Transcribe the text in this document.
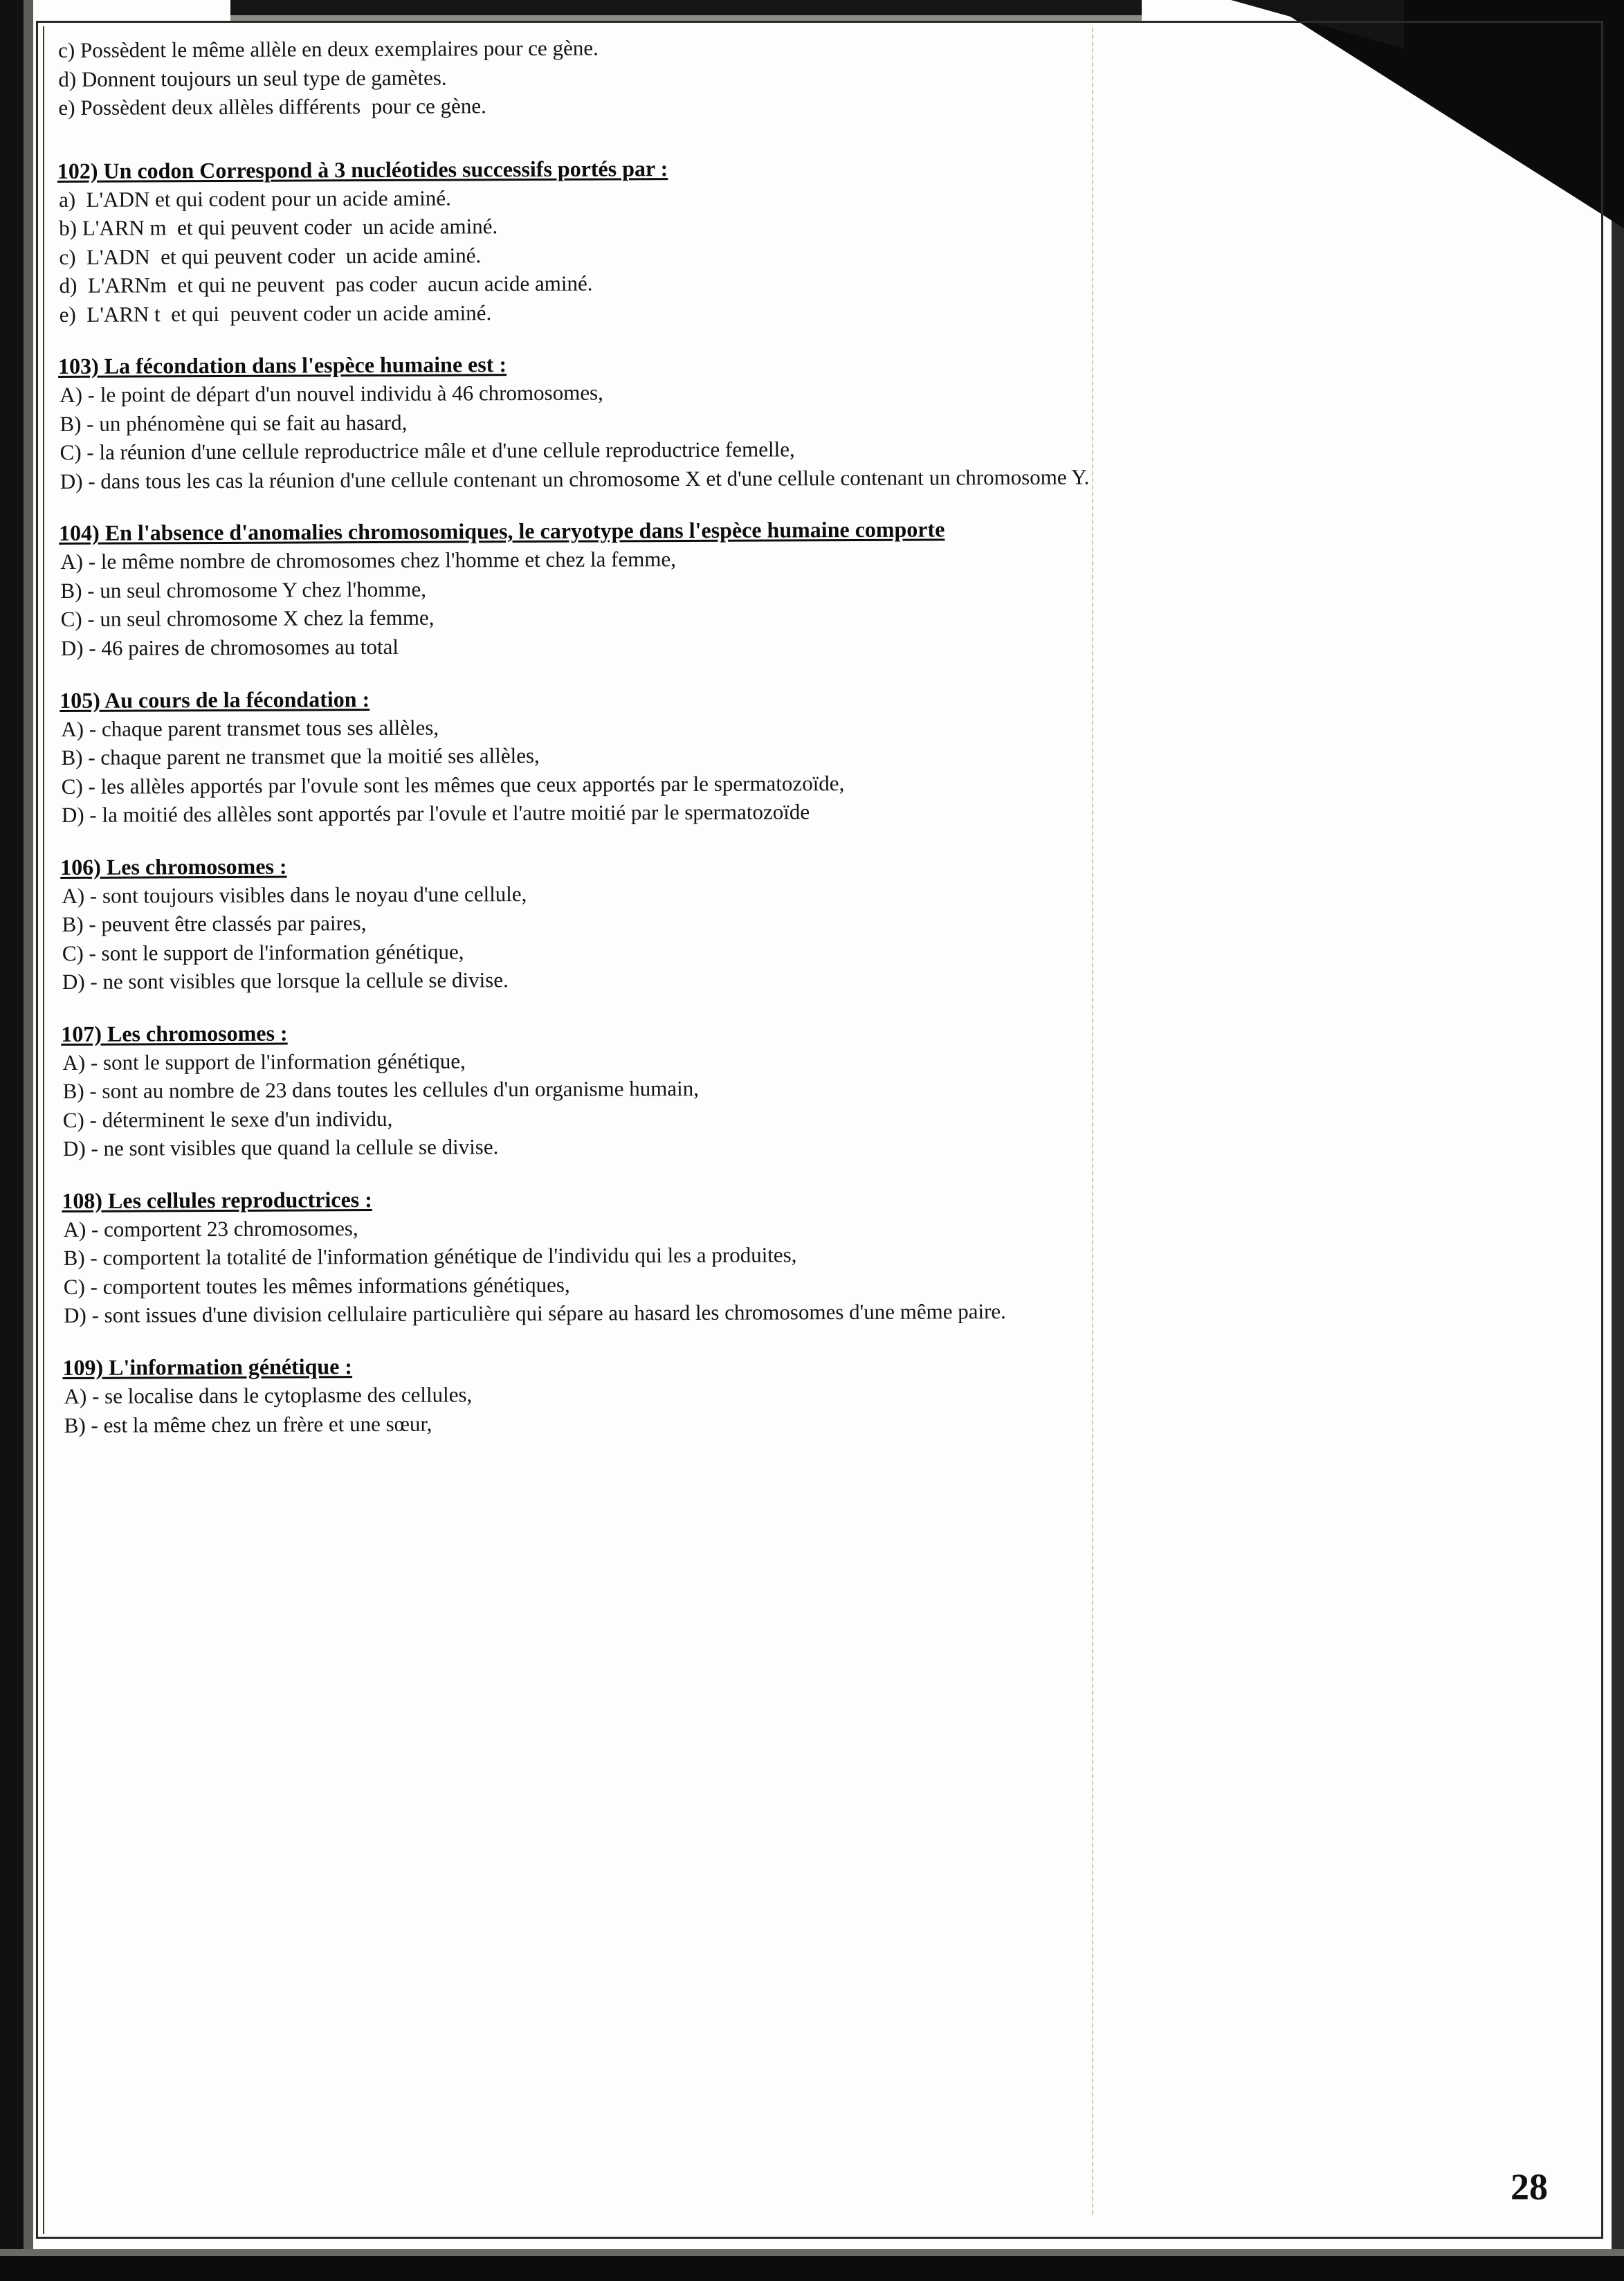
c) Possèdent le même allèle en deux exemplaires pour ce gène.
d) Donnent toujours un seul type de gamètes.
e) Possèdent deux allèles différents  pour ce gène.
102) Un codon Correspond à 3 nucléotides successifs portés par :
a)  L'ADN et qui codent pour un acide aminé.
b) L'ARN m  et qui peuvent coder  un acide aminé.
c)  L'ADN  et qui peuvent coder  un acide aminé.
d)  L'ARNm  et qui ne peuvent  pas coder  aucun acide aminé.
e)  L'ARN t  et qui  peuvent coder un acide aminé.
103) La fécondation dans l'espèce humaine est :
A) - le point de départ d'un nouvel individu à 46 chromosomes,
B) - un phénomène qui se fait au hasard,
C) - la réunion d'une cellule reproductrice mâle et d'une cellule reproductrice femelle,
D) - dans tous les cas la réunion d'une cellule contenant un chromosome X et d'une cellule contenant un chromosome Y.
104) En l'absence d'anomalies chromosomiques, le caryotype dans l'espèce humaine comporte
A) - le même nombre de chromosomes chez l'homme et chez la femme,
B) - un seul chromosome Y chez l'homme,
C) - un seul chromosome X chez la femme,
D) - 46 paires de chromosomes au total
105) Au cours de la fécondation :
A) - chaque parent transmet tous ses allèles,
B) - chaque parent ne transmet que la moitié ses allèles,
C) - les allèles apportés par l'ovule sont les mêmes que ceux apportés par le spermatozoïde,
D) - la moitié des allèles sont apportés par l'ovule et l'autre moitié par le spermatozoïde
106) Les chromosomes :
A) - sont toujours visibles dans le noyau d'une cellule,
B) - peuvent être classés par paires,
C) - sont le support de l'information génétique,
D) - ne sont visibles que lorsque la cellule se divise.
107) Les chromosomes :
A) - sont le support de l'information génétique,
B) - sont au nombre de 23 dans toutes les cellules d'un organisme humain,
C) - déterminent le sexe d'un individu,
D) - ne sont visibles que quand la cellule se divise.
108) Les cellules reproductrices :
A) - comportent 23 chromosomes,
B) - comportent la totalité de l'information génétique de l'individu qui les a produites,
C) - comportent toutes les mêmes informations génétiques,
D) - sont issues d'une division cellulaire particulière qui sépare au hasard les chromosomes d'une même paire.
109) L'information génétique :
A) - se localise dans le cytoplasme des cellules,
B) - est la même chez un frère et une sœur,
28
